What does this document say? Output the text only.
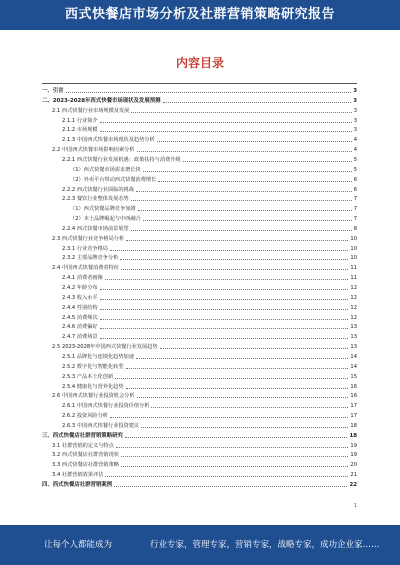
西式快餐店市场分析及社群营销策略研究报告
内容目录
一、引言	3
二、2023-2028年西式快餐市场现状及发展预测	3
2.1 西式快餐行业市场规模及发展	3
2.1.1 行业简介	3
2.1.2 市场规模	3
2.1.3 中国西式快餐市场现状及趋势分析	4
2.2 中国西式快餐市场影响因素分析	4
2.2.1 西式快餐行业发展机遇：政策扶持与消费升级	5
（1）西式快餐市场需求增长快	5
（2）外卖平台带动西式快餐消费增长	6
2.2.2 西式快餐行业面临的挑战	6
2.2.3 餐饮行业整体发展态势	7
（1）西式快餐品牌竞争加剧	7
（2）本土品牌崛起与中西融合	7
2.2.4 西式快餐市场前景展望	8
2.3 西式快餐行业竞争格局分析	10
2.3.1 行业竞争格局	10
2.3.2 主要品牌竞争分析	10
2.4 中国西式快餐消费者特征	11
2.4.1 消费者画像	11
2.4.2 年龄分布	12
2.4.3 收入水平	12
2.4.4 性别结构	12
2.4.5 消费频次	12
2.4.6 消费偏好	13
2.4.7 消费场景	13
2.5 2023-2028年中国西式快餐行业发展趋势	13
2.5.1 品牌化与连锁化趋势加速	14
2.5.2 数字化与智能化转型	14
2.5.3 产品本土化创新	15
2.5.4 健康化与营养化趋势	16
2.6 中国西式快餐行业投资机会分析	16
2.6.1 中国西式快餐行业投资价值分析	17
2.6.2 投资风险分析	17
2.6.3 中国西式快餐行业投资建议	18
三、西式快餐店社群营销策略研究	18
3.1 社群营销的定义与特点	19
3.2 西式快餐店社群营销现状	19
3.3 西式快餐店社群营销策略	20
3.4 社群营销效果评估	21
四、西式快餐店社群营销案例	22
1
让每个人都能成为	行业专家，管理专家，营销专家，战略专家，成功企业家……
